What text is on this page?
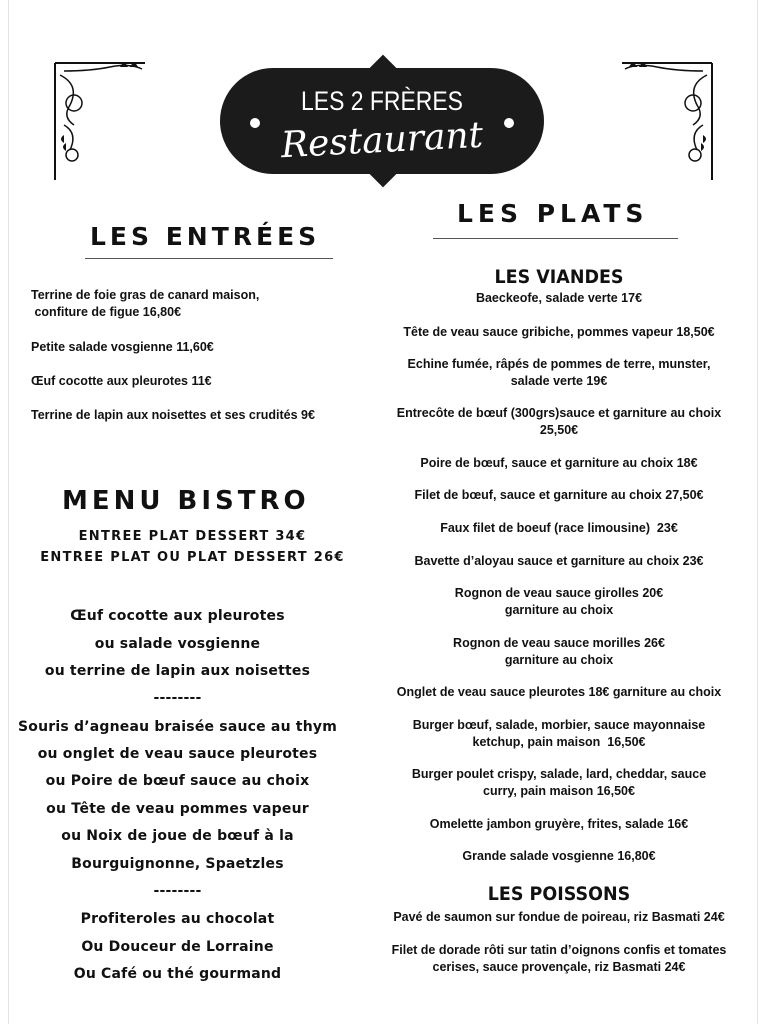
LES 2 FRÈRES
Restaurant
LES ENTRÉES
Terrine de foie gras de canard maison,
confiture de figue 16,80€
Petite salade vosgienne 11,60€
Œuf cocotte aux pleurotes 11€
Terrine de lapin aux noisettes et ses crudités 9€
MENU BISTRO
ENTREE PLAT DESSERT 34€
ENTREE PLAT OU PLAT DESSERT 26€
Œuf cocotte aux pleurotes
ou salade vosgienne
ou terrine de lapin aux noisettes
--------
Souris d’agneau braisée sauce au thym
ou onglet de veau sauce pleurotes
ou Poire de bœuf sauce au choix
ou Tête de veau pommes vapeur
ou Noix de joue de bœuf à la
Bourguignonne, Spaetzles
--------
Profiteroles au chocolat
Ou Douceur de Lorraine
Ou Café ou thé gourmand
LES PLATS
LES VIANDES
Baeckeofe, salade verte 17€
Tête de veau sauce gribiche, pommes vapeur 18,50€
Echine fumée, râpés de pommes de terre, munster,
salade verte 19€
Entrecôte de bœuf (300grs)sauce et garniture au choix
25,50€
Poire de bœuf, sauce et garniture au choix 18€
Filet de bœuf, sauce et garniture au choix 27,50€
Faux filet de boeuf (race limousine)  23€
Bavette d’aloyau sauce et garniture au choix 23€
Rognon de veau sauce girolles 20€
garniture au choix
Rognon de veau sauce morilles 26€
garniture au choix
Onglet de veau sauce pleurotes 18€ garniture au choix
Burger bœuf, salade, morbier, sauce mayonnaise
ketchup, pain maison  16,50€
Burger poulet crispy, salade, lard, cheddar, sauce
curry, pain maison 16,50€
Omelette jambon gruyère, frites, salade 16€
Grande salade vosgienne 16,80€
LES POISSONS
Pavé de saumon sur fondue de poireau, riz Basmati 24€
Filet de dorade rôti sur tatin d’oignons confis et tomates
cerises, sauce provençale, riz Basmati 24€
